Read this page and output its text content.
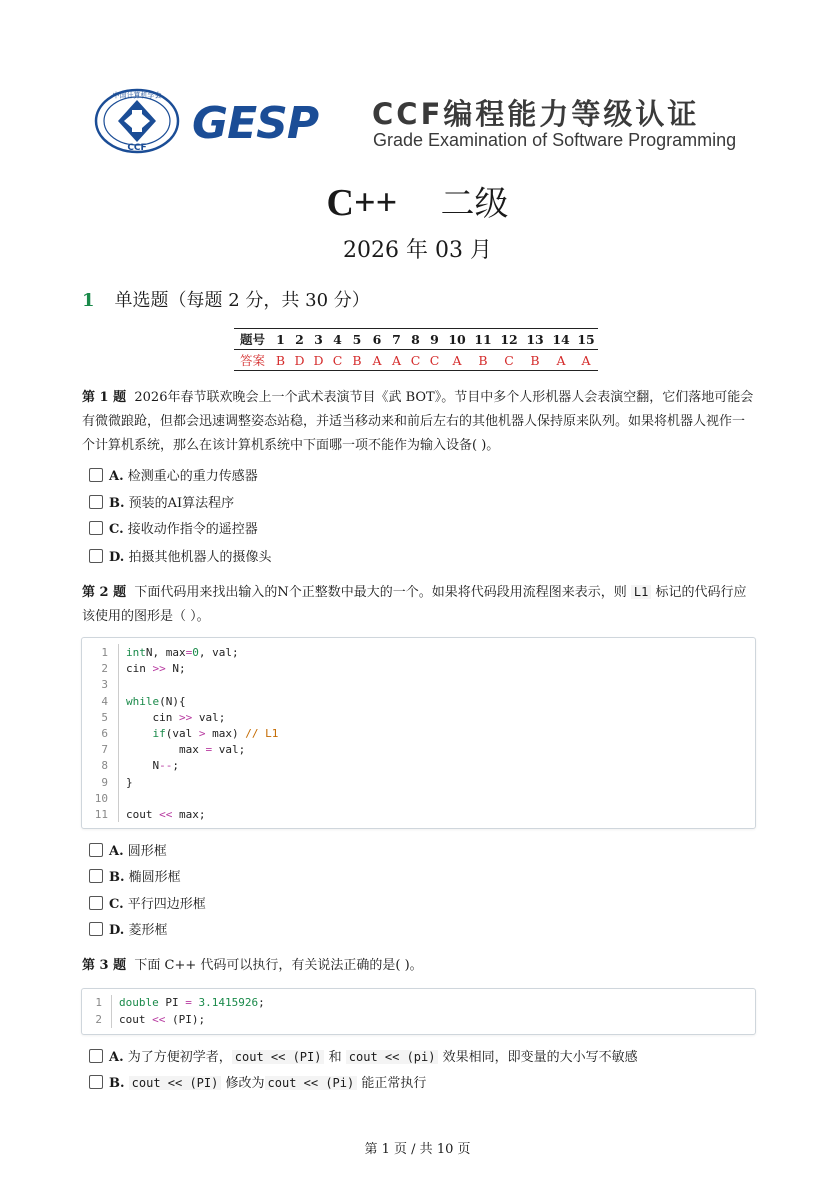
中国计算机学会
CCF GESP CCF编程能力等级认证
Grade Examination of Software Programming
C++ 二级
2026 年 03 月
1 单选题（每题 2 分，共 30 分）
题号	1	2	3	4	5	6	7	8	9	10	11	12	13	14	15
答案	B	D	D	C	B	A	A	C	C	A	B	C	B	A	A
第 1 题 2026年春节联欢晚会上一个武术表演节目《武 BOT》。节目中多个人形机器人会表演空翻，它们落地可能会有微微踉跄，但都会迅速调整姿态站稳，并适当移动来和前后左右的其他机器人保持原来队列。如果将机器人视作一个计算机系统，那么在该计算机系统中下面哪一项不能作为输入设备( )。
A. 检测重心的重力传感器
B. 预装的AI算法程序
C. 接收动作指令的遥控器
D. 拍摄其他机器人的摄像头
第 2 题 下面代码用来找出输入的N个正整数中最大的一个。如果将代码段用流程图来表示，则 L1 标记的代码行应该使用的图形是（ ）。
1 intN, max=0, val;
2 cin >> N;
3
4 while(N){
5 cin >> val;
6	if(val > max) // L1
7 max = val;
8 N--;
9 }
10
11 cout << max;
A. 圆形框
B. 椭圆形框
C. 平行四边形框
D. 菱形框
第 3 题 下面 C++ 代码可以执行，有关说法正确的是( )。
1 double PI = 3.1415926;
2 cout << (PI);
A. 为了方便初学者， cout << (PI) 和 cout << (pi) 效果相同，即变量的大小写不敏感
B. cout << (PI) 修改为 cout << (Pi) 能正常执行
第 1 页 / 共 10 页
